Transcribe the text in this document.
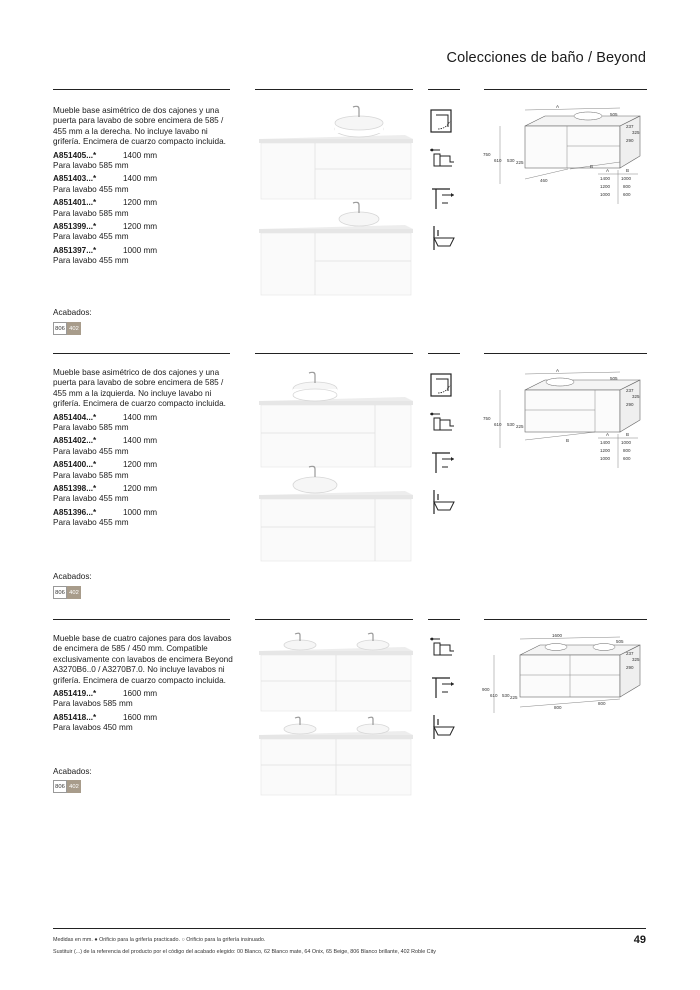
Colecciones de baño / Beyond
Mueble base asimétrico de dos cajones y una puerta para lavabo de sobre encimera de 585 / 455 mm a la derecha. No incluye lavabo ni grifería. Encimera de cuarzo compacto incluida.
A851405...*	1400 mm
Para lavabo 585 mm
A851403...*	1400 mm
Para lavabo 455 mm
A851401...*	1200 mm
Para lavabo 585 mm
A851399...*	1200 mm
Para lavabo 455 mm
A851397...*	1000 mm
Para lavabo 455 mm
Acabados:
806 402

A
505
237
325
290
750
610 530 225
460
B
A	B
1400 1000
1200	800
1000	600
Mueble base asimétrico de dos cajones y una puerta para lavabo de sobre encimera de 585 / 455 mm a la izquierda. No incluye lavabo ni grifería. Encimera de cuarzo compacto incluida.
A851404...*	1400 mm
Para lavabo 585 mm
A851402...*	1400 mm
Para lavabo 455 mm
A851400...*	1200 mm
Para lavabo 585 mm
A851398...*	1200 mm
Para lavabo 455 mm
A851396...*	1000 mm
Para lavabo 455 mm
Acabados:
806 402

A
505
237
325
290
750
610 530 225
B
A	B
1400 1000
1200	800
1000	600
Mueble base de cuatro cajones para dos lavabos de encimera de 585 / 450 mm. Compatible exclusivamente con lavabos de encimera Beyond A3270B6..0 / A3270B7.0. No incluye lavabos ni grifería. Encimera de cuarzo compacto incluida.
A851419...*	1600 mm
Para lavabos 585 mm
A851418...*	1600 mm
Para lavabos 450 mm
Acabados:
806 402

1600
505
237
325
290
900
610 530 225
800
800
Medidas en mm. ● Orificio para la grifería practicado. ○ Orificio para la grifería insinuado.
Sustituir (...) de la referencia del producto por el código del acabado elegido: 00 Blanco, 62 Blanco mate, 64 Onix, 65 Beige, 806 Blanco brillante, 402 Roble City
49
